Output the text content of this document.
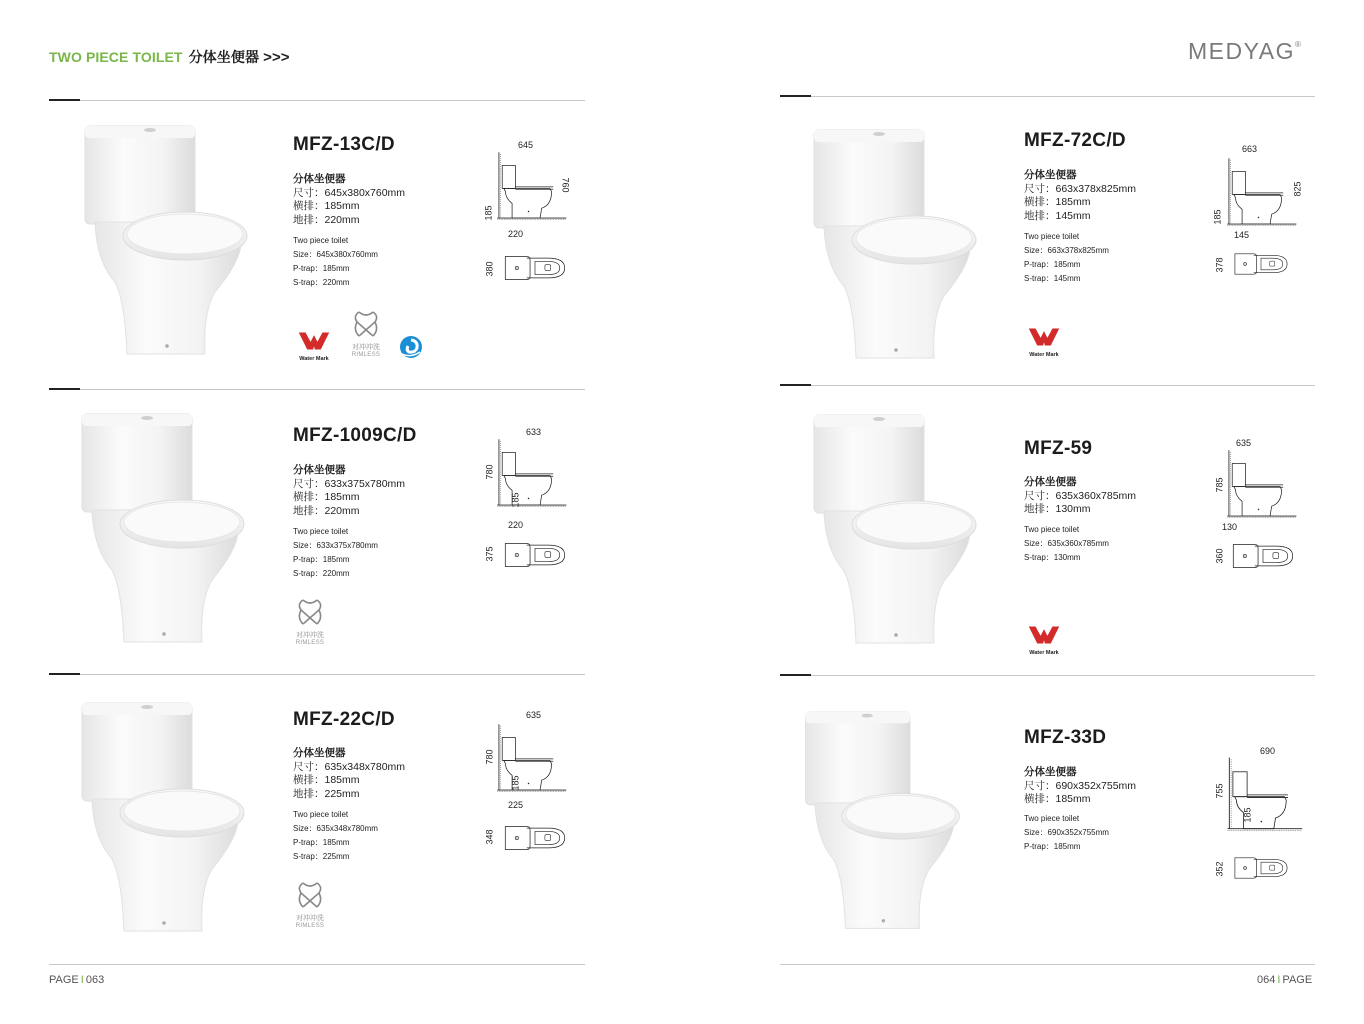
TWO PIECE TOILET 分体坐便器 >>>	MEDYAG®
MFZ-13C/D
分体坐便器
尺寸：645x380x760mm
横排：185mm
地排：220mm
Two piece toilet
Size：645x380x760mm
P-trap：185mm
S-trap：220mm
645
760
185
220
380
Water Mark
对冲冲洗
RIMLESS
MFZ-1009C/D
分体坐便器
尺寸：633x375x780mm
横排：185mm
地排：220mm
Two piece toilet
Size：633x375x780mm
P-trap：185mm
S-trap：220mm
633
780
185
220
375
对冲冲洗
RIMLESS
MFZ-22C/D
分体坐便器
尺寸：635x348x780mm
横排：185mm
地排：225mm
Two piece toilet
Size：635x348x780mm
P-trap：185mm
S-trap：225mm
635
780
185
225
348
对冲冲洗
RIMLESS
MFZ-72C/D
分体坐便器
尺寸：663x378x825mm
横排：185mm
地排：145mm
Two piece toilet
Size：663x378x825mm
P-trap：185mm
S-trap：145mm
663
825
185
145
378
Water Mark
MFZ-59
分体坐便器
尺寸：635x360x785mm
地排：130mm
Two piece toilet
Size：635x360x785mm
S-trap：130mm
635
785
130
360
Water Mark
MFZ-33D
分体坐便器
尺寸：690x352x755mm
横排：185mm
Two piece toilet
Size：690x352x755mm
P-trap：185mm
690
755
185
352
PAGE I 063	064 I PAGE
